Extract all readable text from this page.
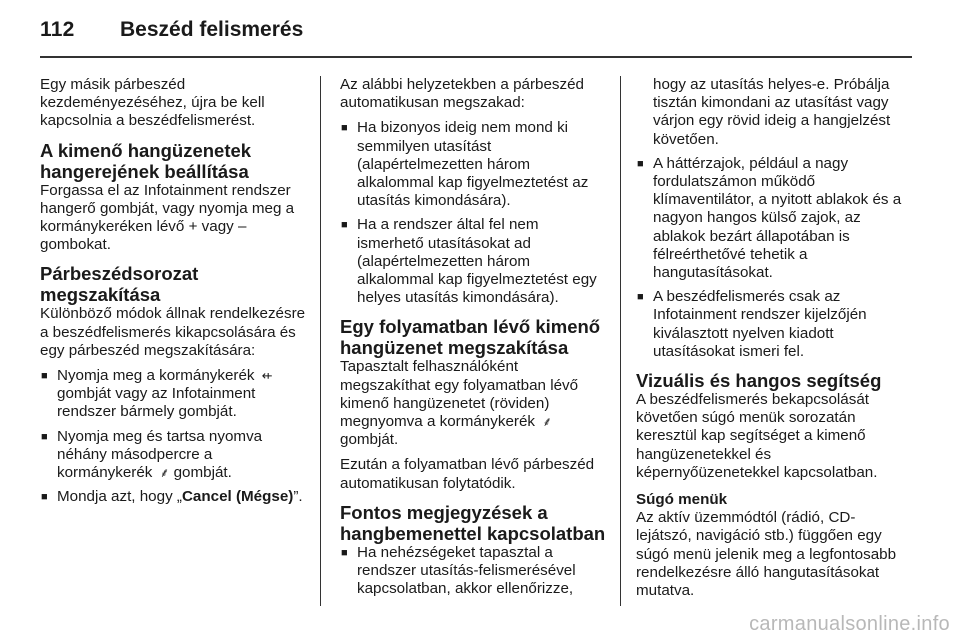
112 Beszéd felismerés

Egy másik párbeszéd kezdeményezéséhez, újra be kell kapcsolnia a beszédfelismerést.

A kimenő hangüzenetek hangerejének beállítása

Forgassa el az Infotainment rendszer hangerő gombját, vagy nyomja meg a kormánykeréken lévő + vagy – gombokat.

Párbeszédsorozat megszakítása

Különböző módok állnak rendelkezésre a beszédfelismerés kikapcsolására és egy párbeszéd megszakítására:

■ Nyomja meg a kormánykerék ⇷ gombját vagy az Infotainment rendszer bármely gombját.
■ Nyomja meg és tartsa nyomva néhány másodpercre a kormánykerék ⸙ gombját.
■ Mondja azt, hogy „Cancel (Mégse)”.

Az alábbi helyzetekben a párbeszéd automatikusan megszakad:

■ Ha bizonyos ideig nem mond ki semmilyen utasítást (alapértelmezetten három alkalommal kap figyelmeztetést az utasítás kimondására).
■ Ha a rendszer által fel nem ismerhető utasításokat ad (alapértelmezetten három alkalommal kap figyelmeztetést egy helyes utasítás kimondására).
Egy folyamatban lévő kimenő hangüzenet megszakítása

Tapasztalt felhasználóként megszakíthat egy folyamatban lévő kimenő hangüzenetet (röviden) megnyomva a kormánykerék ⸙ gombját.

Ezután a folyamatban lévő párbeszéd automatikusan folytatódik.

Fontos megjegyzések a hangbemenettel kapcsolatban
■ Ha nehézségeket tapasztal a rendszer utasítás-felismerésével kapcsolatban, akkor ellenőrizze,

hogy az utasítás helyes-e. Próbálja tisztán kimondani az utasítást vagy várjon egy rövid ideig a hangjelzést követően.

■ A háttérzajok, például a nagy fordulatszámon működő klímaventilátor, a nyitott ablakok és a nagyon hangos külső zajok, az ablakok bezárt állapotában is félreérthetővé tehetik a hangutasításokat.
■ A beszédfelismerés csak az Infotainment rendszer kijelzőjén kiválasztott nyelven kiadott utasításokat ismeri fel.
Vizuális és hangos segítség

A beszédfelismerés bekapcsolását követően súgó menük sorozatán keresztül kap segítséget a kimenő hangüzenetekkel és képernyőüzenetekkel kapcsolatban.

Súgó menük

Az aktív üzemmódtól (rádió, CD-lejátszó, navigáció stb.) függően egy súgó menü jelenik meg a legfontosabb rendelkezésre álló hangutasításokat mutatva.

carmanualsonline.info
